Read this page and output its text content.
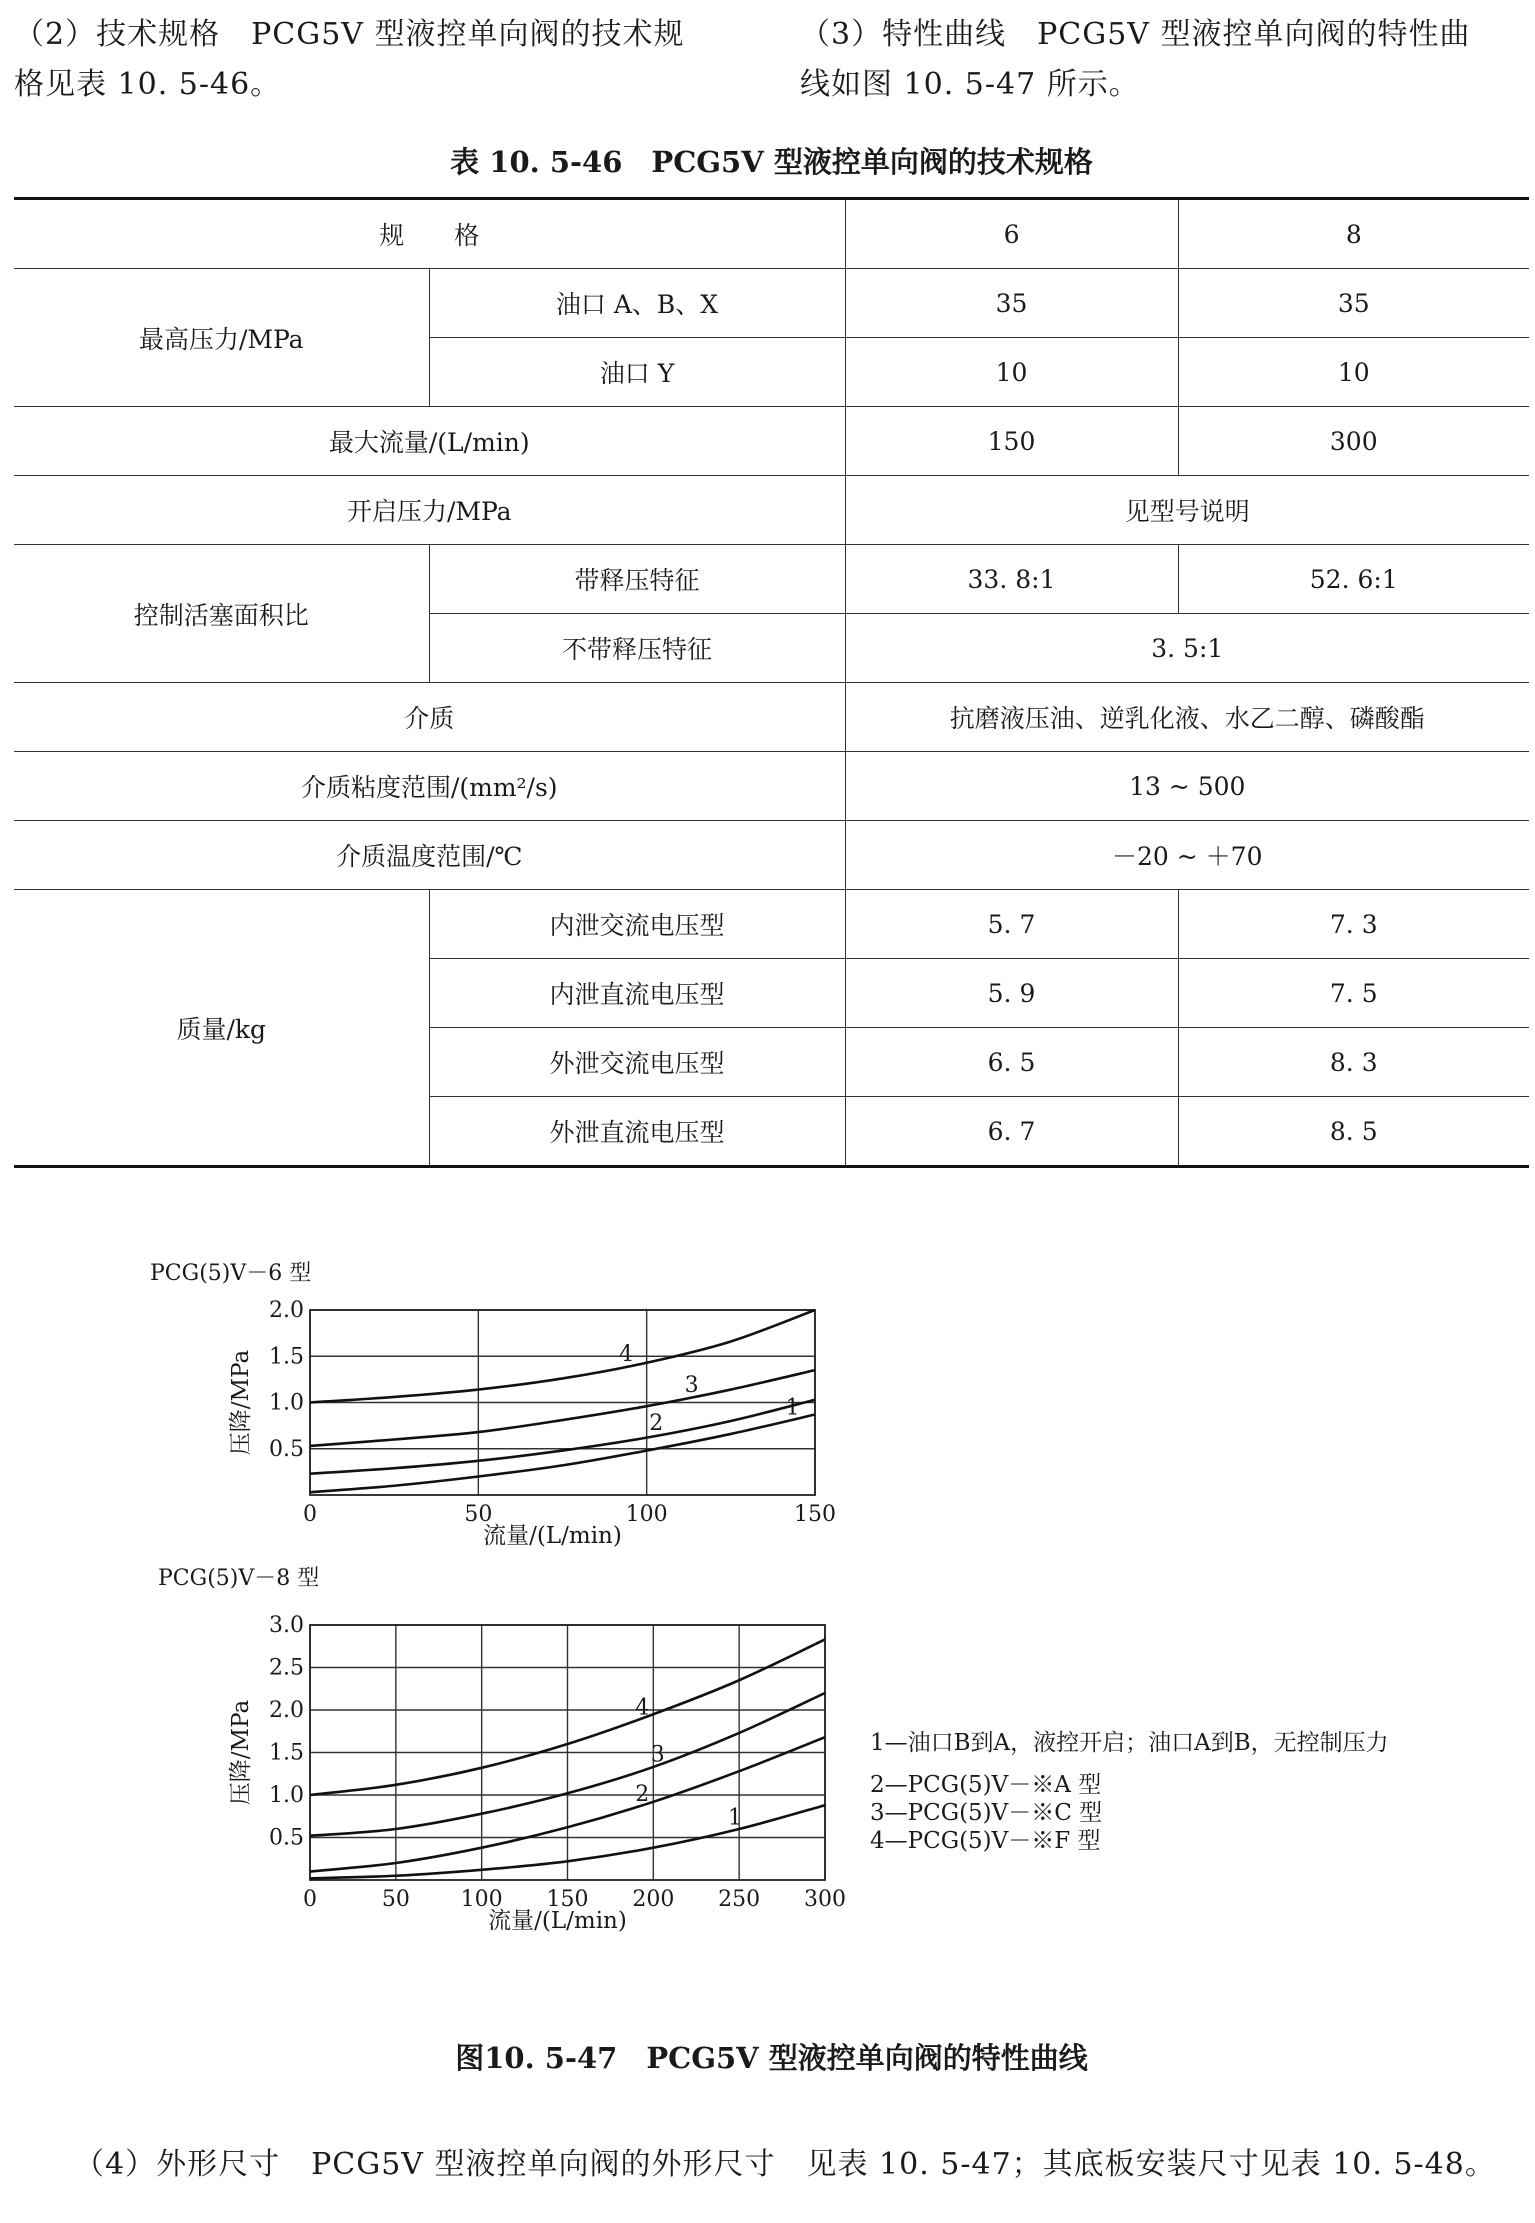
（2）技术规格　PCG5V 型液控单向阀的技术规
格见表 10. 5-46。
（3）特性曲线　PCG5V 型液控单向阀的特性曲
线如图 10. 5-47 所示。
表 10. 5-46　PCG5V 型液控单向阀的技术规格
规　　格		6	8
最高压力/MPa	油口 A、B、X	35	35
	油口 Y	10	10
最大流量/(L/min)		150	300
开启压力/MPa		见型号说明	
控制活塞面积比	带释压特征	33. 8:1	52. 6:1
	不带释压特征	3. 5:1	
介质		抗磨液压油、逆乳化液、水乙二醇、磷酸酯	
介质粘度范围/(mm²/s)		13 ~ 500	
介质温度范围/℃		－20 ~ ＋70	
质量/kg	内泄交流电压型	5. 7	7. 3
	内泄直流电压型	5. 9	7. 5
	外泄交流电压型	6. 5	8. 3
	外泄直流电压型	6. 7	8. 5
PCG(5)V－6 型
0	50	100	150
0.5
1.0
1.5
2.0
流量/(L/min)
压降/MPa	1
2
3
4
PCG(5)V－8 型
0	50 100 150 200 250 300
0.5
1.0
1.5
2.0
2.5
3.0
流量/(L/min)
压降/MPa
1
2
3
4
1—油口B到A，液控开启；油口A到B，无控制压力
2—PCG(5)V－※A 型
3—PCG(5)V－※C 型
4—PCG(5)V－※F 型
图10. 5-47　PCG5V 型液控单向阀的特性曲线
（4）外形尺寸　PCG5V 型液控单向阀的外形尺寸　见表 10. 5-47；其底板安装尺寸见表 10. 5-48。
